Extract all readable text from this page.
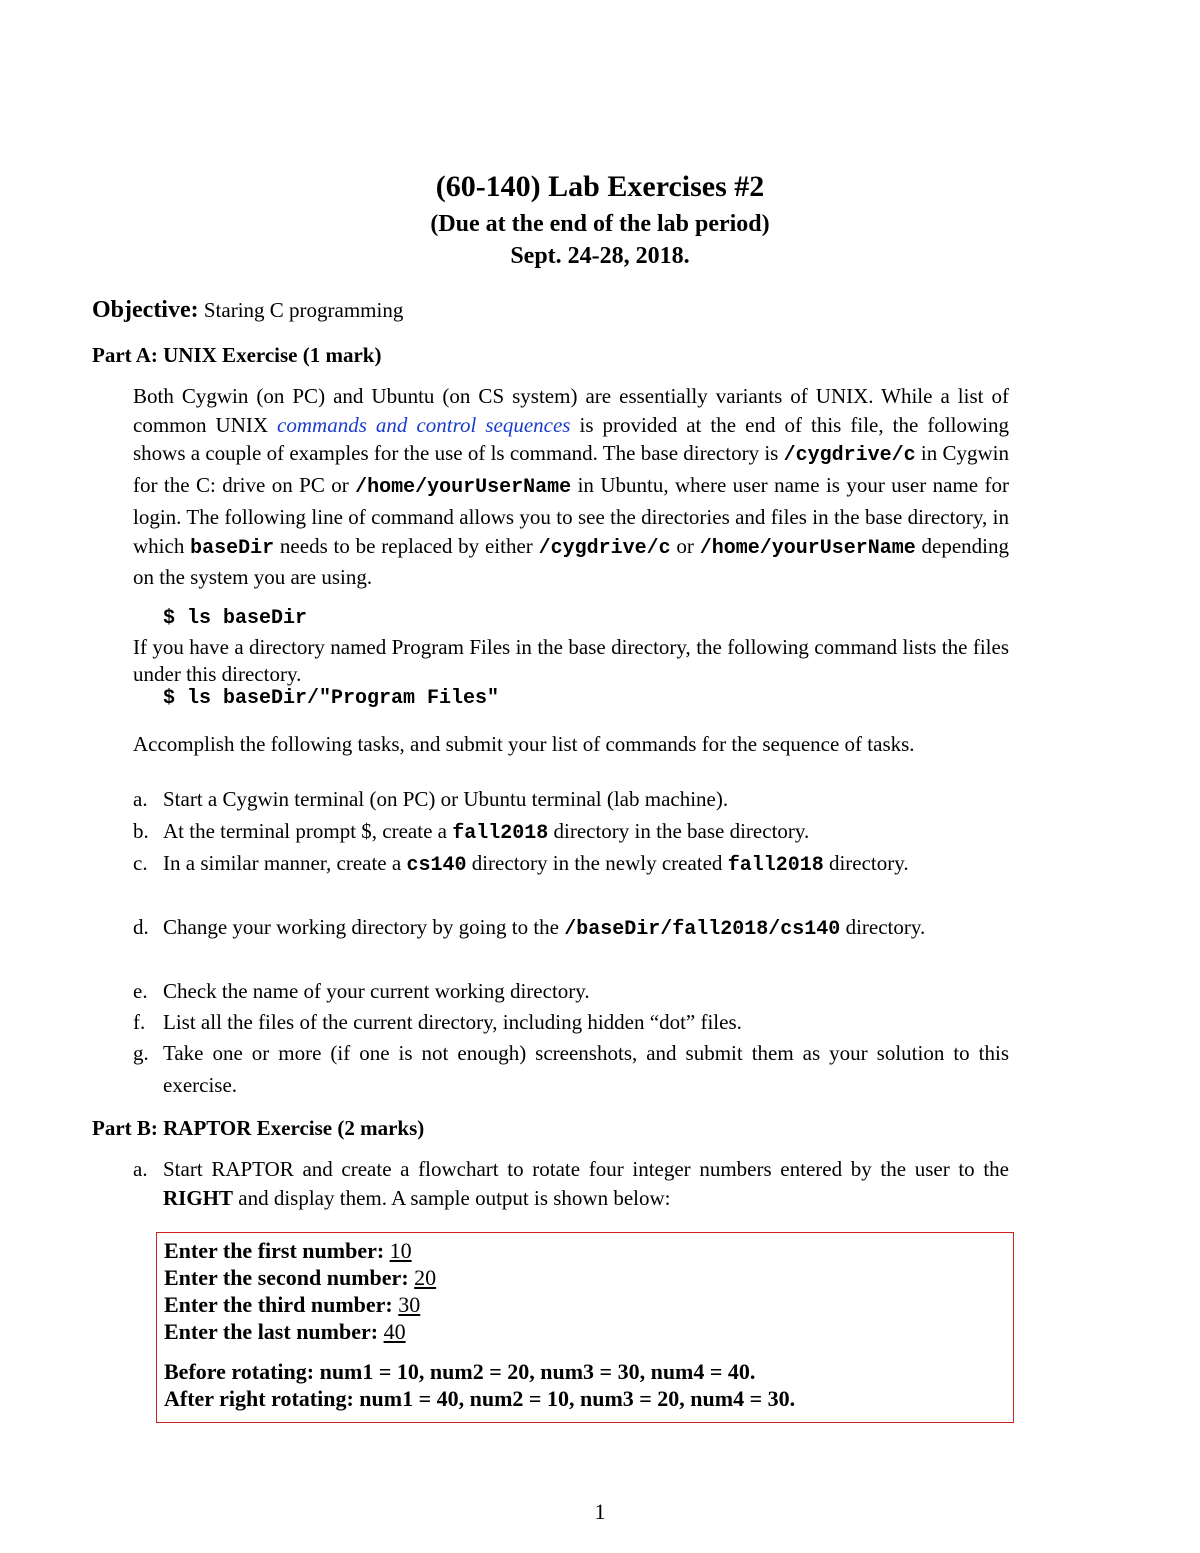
(60-140) Lab Exercises #2
(Due at the end of the lab period)
Sept. 24-28, 2018.
Objective: Staring C programming
Part A: UNIX Exercise (1 mark)
Both Cygwin (on PC) and Ubuntu (on CS system) are essentially variants of UNIX. While a list of common UNIX commands and control sequences is provided at the end of this file, the following shows a couple of examples for the use of ls command. The base directory is /cygdrive/c in Cygwin for the C: drive on PC or /home/yourUserName in Ubuntu, where user name is your user name for login. The following line of command allows you to see the directories and files in the base directory, in which baseDir needs to be replaced by either /cygdrive/c or /home/yourUserName depending on the system you are using.
$ ls baseDir
If you have a directory named Program Files in the base directory, the following command lists the files under this directory.
$ ls baseDir/"Program Files"
Accomplish the following tasks, and submit your list of commands for the sequence of tasks.
a. Start a Cygwin terminal (on PC) or Ubuntu terminal (lab machine).
b. At the terminal prompt $, create a fall2018 directory in the base directory.
c. In a similar manner, create a cs140 directory in the newly created fall2018 directory.
d. Change your working directory by going to the /baseDir/fall2018/cs140 directory.
e. Check the name of your current working directory.
f. List all the files of the current directory, including hidden “dot” files.
g. Take one or more (if one is not enough) screenshots, and submit them as your solution to this exercise.
Part B: RAPTOR Exercise (2 marks)
a. Start RAPTOR and create a flowchart to rotate four integer numbers entered by the user to the RIGHT and display them. A sample output is shown below:
Enter the first number: 10
Enter the second number: 20
Enter the third number: 30
Enter the last number: 40
Before rotating: num1 = 10, num2 = 20, num3 = 30, num4 = 40.
After right rotating: num1 = 40, num2 = 10, num3 = 20, num4 = 30.
1
